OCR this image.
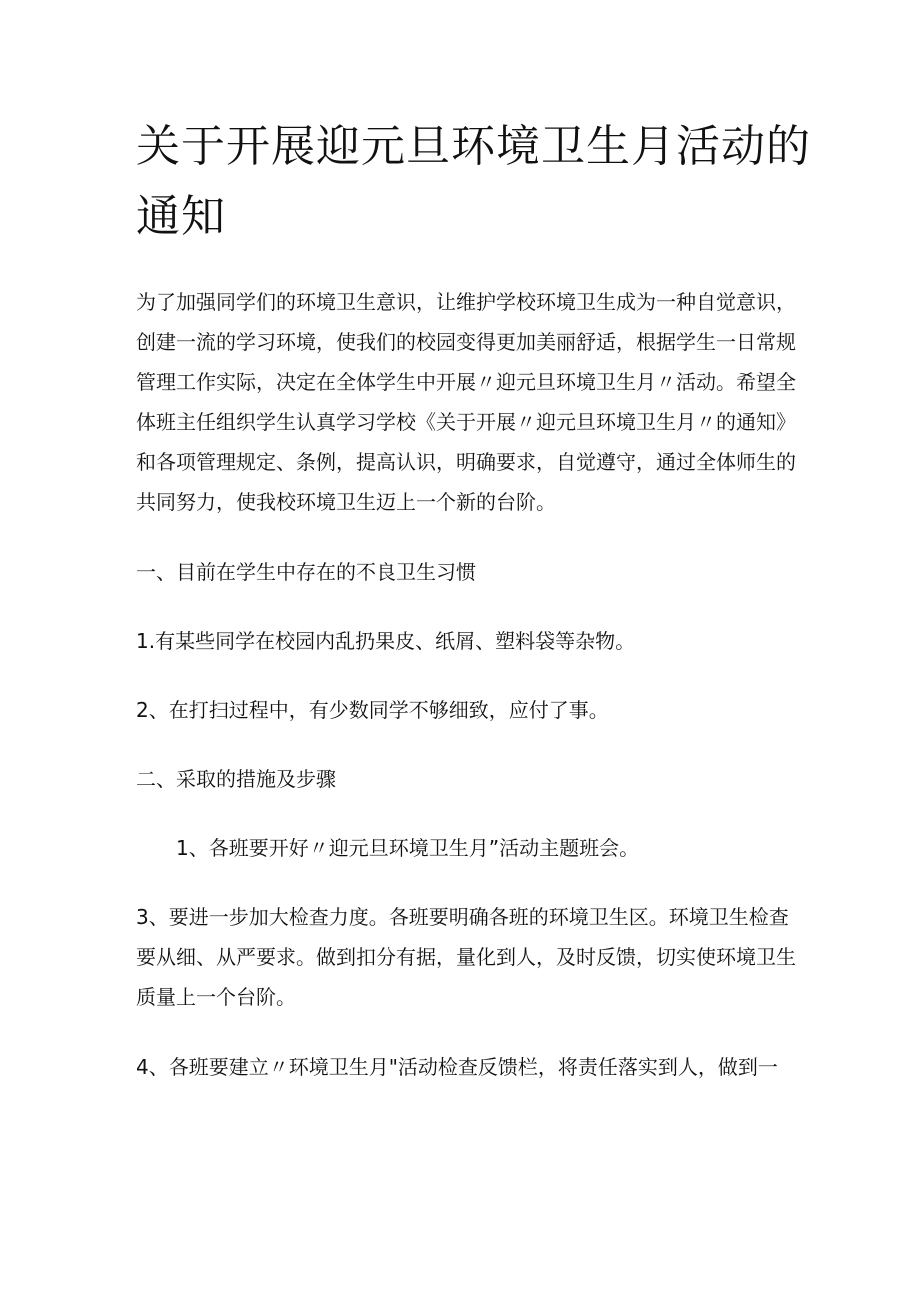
关于开展迎元旦环境卫生月活动的通知

为了加强同学们的环境卫生意识，让维护学校环境卫生成为一种自觉意识，创建一流的学习环境，使我们的校园变得更加美丽舒适，根据学生一日常规管理工作实际，决定在全体学生中开展〃迎元旦环境卫生月〃活动。希望全体班主任组织学生认真学习学校《关于开展〃迎元旦环境卫生月〃的通知》和各项管理规定、条例，提高认识，明确要求，自觉遵守，通过全体师生的共同努力，使我校环境卫生迈上一个新的台阶。

一、目前在学生中存在的不良卫生习惯

1.有某些同学在校园内乱扔果皮、纸屑、塑料袋等杂物。

2、在打扫过程中，有少数同学不够细致，应付了事。

二、采取的措施及步骤

1、各班要开好〃迎元旦环境卫生月”活动主题班会。

3、要进一步加大检查力度。各班要明确各班的环境卫生区。环境卫生检查要从细、从严要求。做到扣分有据，量化到人，及时反馈，切实使环境卫生质量上一个台阶。

4、各班要建立〃环境卫生月"活动检查反馈栏，将责任落实到人，做到一
